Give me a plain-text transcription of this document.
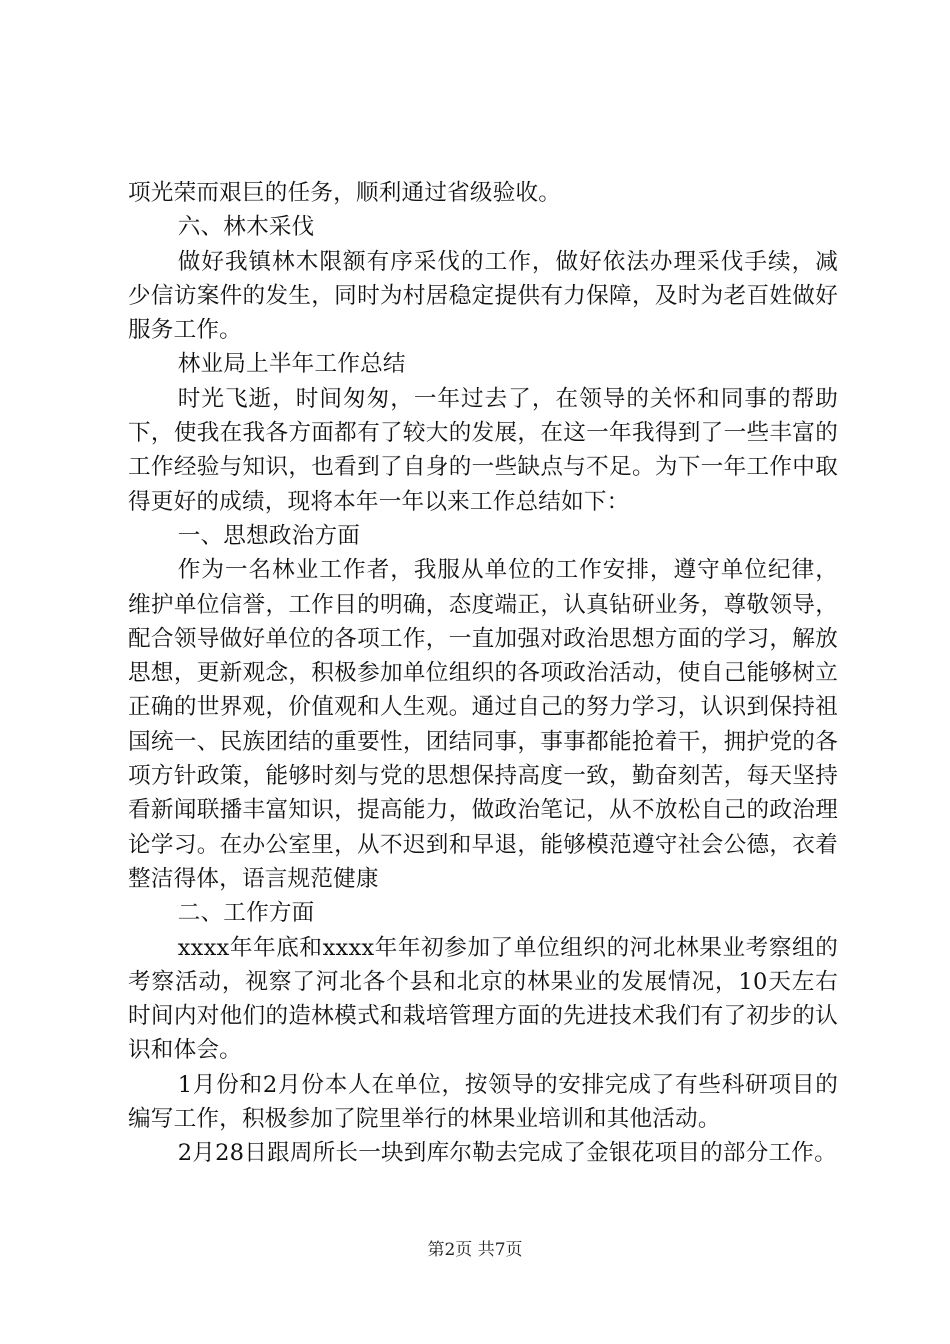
项光荣而艰巨的任务，顺利通过省级验收。

六、林木采伐

做好我镇林木限额有序采伐的工作，做好依法办理采伐手续，减少信访案件的发生，同时为村居稳定提供有力保障，及时为老百姓做好服务工作。

林业局上半年工作总结

时光飞逝，时间匆匆，一年过去了，在领导的关怀和同事的帮助下，使我在我各方面都有了较大的发展，在这一年我得到了一些丰富的工作经验与知识，也看到了自身的一些缺点与不足。为下一年工作中取得更好的成绩，现将本年一年以来工作总结如下：

一、思想政治方面

作为一名林业工作者，我服从单位的工作安排，遵守单位纪律，维护单位信誉，工作目的明确，态度端正，认真钻研业务，尊敬领导，配合领导做好单位的各项工作，一直加强对政治思想方面的学习，解放思想，更新观念，积极参加单位组织的各项政治活动，使自己能够树立正确的世界观，价值观和人生观。通过自己的努力学习，认识到保持祖国统一、民族团结的重要性，团结同事，事事都能抢着干，拥护党的各项方针政策，能够时刻与党的思想保持高度一致，勤奋刻苦，每天坚持看新闻联播丰富知识，提高能力，做政治笔记，从不放松自己的政治理论学习。在办公室里，从不迟到和早退，能够模范遵守社会公德，衣着整洁得体，语言规范健康

二、工作方面

xxxx年年底和xxxx年年初参加了单位组织的河北林果业考察组的考察活动，视察了河北各个县和北京的林果业的发展情况，10天左右时间内对他们的造林模式和栽培管理方面的先进技术我们有了初步的认识和体会。

1月份和2月份本人在单位，按领导的安排完成了有些科研项目的编写工作，积极参加了院里举行的林果业培训和其他活动。

2月28日跟周所长一块到库尔勒去完成了金银花项目的部分工作。

第2页 共7页
